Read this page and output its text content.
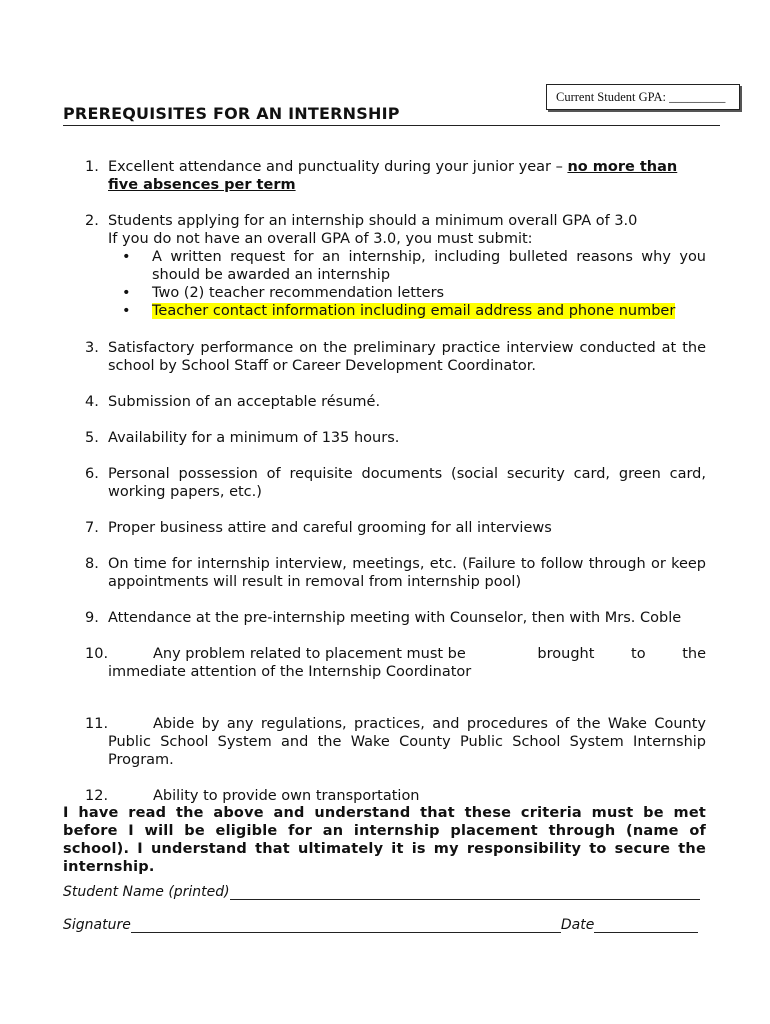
Current Student GPA:
_________
PREREQUISITES FOR AN INTERNSHIP
1. Excellent attendance and punctuality during your junior year – no more than
five absences per term
2. Students applying for an internship should a minimum overall GPA of 3.0
If you do not have an overall GPA of 3.0, you must submit:
• A written request for an internship, including bulleted reasons why you should be awarded an internship
• Two (2) teacher recommendation letters
• Teacher contact information including email address and phone number
3. Satisfactory performance on the preliminary practice interview conducted at the school by School Staff or Career Development Coordinator.
4. Submission of an acceptable résumé.
5. Availability for a minimum of 135 hours.
6. Personal possession of requisite documents (social security card, green card, working papers, etc.)
7. Proper business attire and careful grooming for all interviews
8. On time for internship interview, meetings, etc. (Failure to follow through or keep appointments will result in removal from internship pool)
9. Attendance at the pre-internship meeting with Counselor, then with Mrs. Coble
10.	Any problem related to placement must be	brought	to	the
immediate attention of the Internship Coordinator
11.	Abide by any regulations, practices, and procedures of the Wake County Public School System and the Wake County Public School System Internship Program.
12.	Ability to provide own transportation
I have read the above and understand that these criteria must be met before I will be eligible for an internship placement through (name of school). I understand that ultimately it is my responsibility to secure the internship.
Student Name (printed)
Signature	Date
